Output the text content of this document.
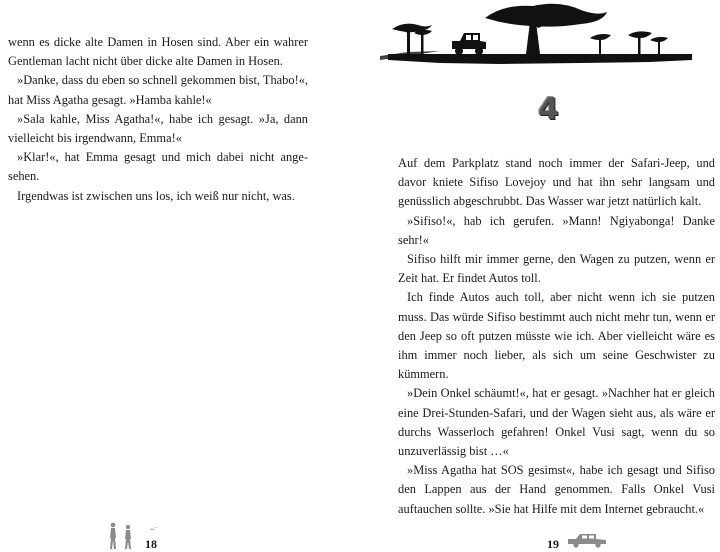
wenn es dicke alte Damen in Hosen sind. Aber ein wahrer Gentleman lacht nicht über dicke alte Damen in Hosen.

»Danke, dass du eben so schnell gekommen bist, Thabo!«, hat Miss Agatha gesagt. »Hamba kahle!«

»Sala kahle, Miss Agatha!«, habe ich gesagt. »Ja, dann vielleicht bis irgendwann, Emma!«

»Klar!«, hat Emma gesagt und mich dabei nicht angesehen.

Irgendwas ist zwischen uns los, ich weiß nur nicht, was.

18
4

Auf dem Parkplatz stand noch immer der Safari-Jeep, und davor kniete Sifiso Lovejoy und hat ihn sehr langsam und genüsslich abgeschrubbt. Das Wasser war jetzt natürlich kalt.

»Sifiso!«, hab ich gerufen. »Mann! Ngiyabonga! Danke sehr!«

Sifiso hilft mir immer gerne, den Wagen zu putzen, wenn er Zeit hat. Er findet Autos toll.

Ich finde Autos auch toll, aber nicht wenn ich sie putzen muss. Das würde Sifiso bestimmt auch nicht mehr tun, wenn er den Jeep so oft putzen müsste wie ich. Aber vielleicht wäre es ihm immer noch lieber, als sich um seine Geschwister zu kümmern.

»Dein Onkel schäumt!«, hat er gesagt. »Nachher hat er gleich eine Drei-Stunden-Safari, und der Wagen sieht aus, als wäre er durchs Wasserloch gefahren! Onkel Vusi sagt, wenn du so unzuverlässig bist …«

»Miss Agatha hat SOS gesimst«, habe ich gesagt und Sifiso den Lappen aus der Hand genommen. Falls Onkel Vusi auftauchen sollte. »Sie hat Hilfe mit dem Internet gebraucht.«

19
